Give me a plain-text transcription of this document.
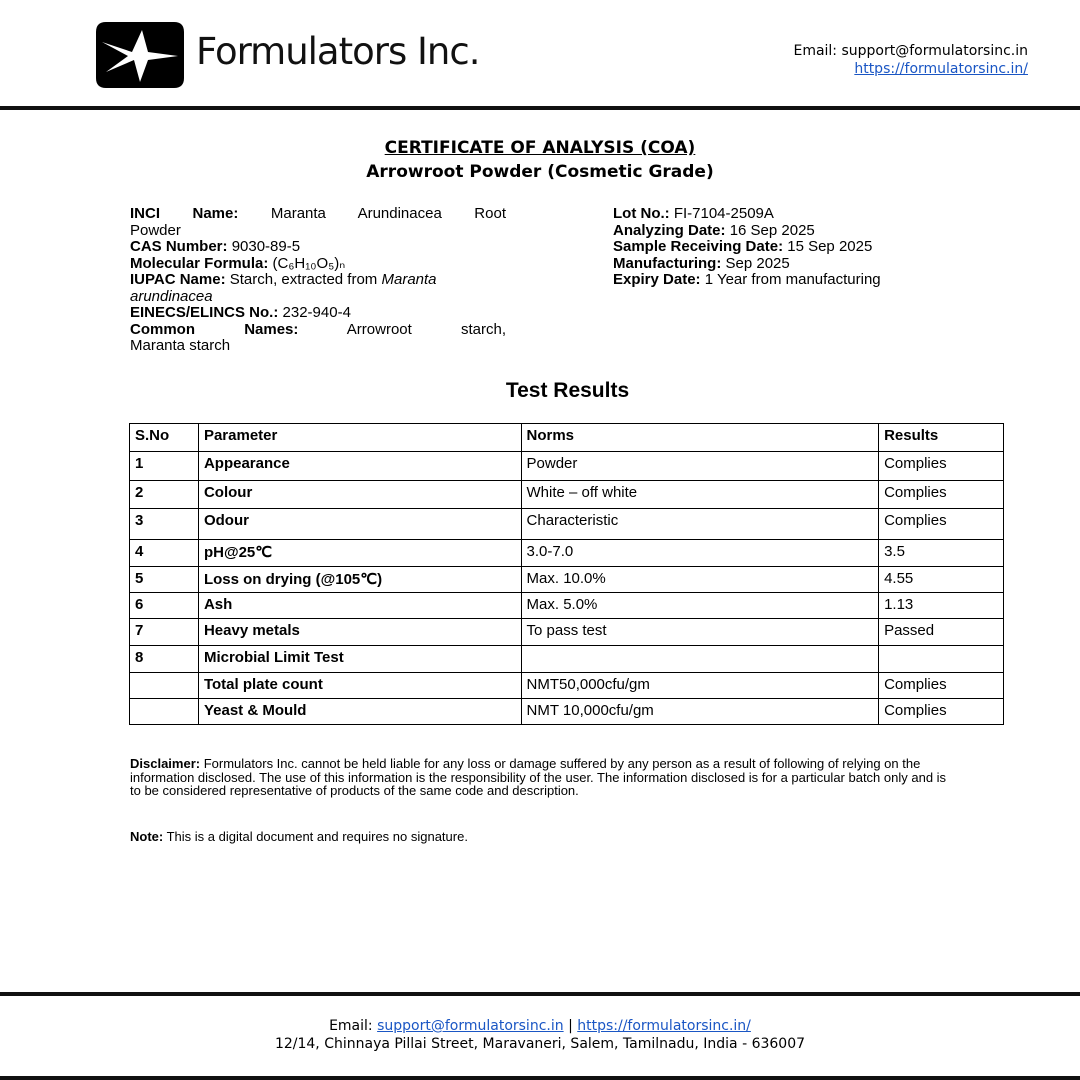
Formulators Inc.	Email: support@formulatorsinc.in
https://formulatorsinc.in/
CERTIFICATE OF ANALYSIS (COA)
Arrowroot Powder (Cosmetic Grade)
INCI Name: Maranta Arundinacea Root
Powder
CAS Number: 9030-89-5
Molecular Formula: (C₆H₁₀O₅)ₙ
IUPAC Name: Starch, extracted from Maranta
arundinacea
EINECS/ELINCS No.: 232-940-4
Common	Names:	Arrowroot	starch,
Maranta starch
Lot No.: FI-7104-2509A
Analyzing Date: 16 Sep 2025
Sample Receiving Date: 15 Sep 2025
Manufacturing: Sep 2025
Expiry Date: 1 Year from manufacturing
Test Results
S.No	Parameter	Norms	Results
1	Appearance	Powder	Complies
2	Colour	White – off white	Complies
3	Odour	Characteristic	Complies
4	pH@25℃	3.0-7.0	3.5
5	Loss on drying (@105℃)	Max. 10.0%	4.55
6	Ash	Max. 5.0%	1.13
7	Heavy metals	To pass test	Passed
8	Microbial Limit Test		
	Total plate count	NMT50,000cfu/gm	Complies
	Yeast & Mould	NMT 10,000cfu/gm	Complies
Disclaimer: Formulators Inc. cannot be held liable for any loss or damage suffered by any person as a result of following of relying on the information disclosed. The use of this information is the responsibility of the user. The information disclosed is for a particular batch only and is to be considered representative of products of the same code and description.
Note: This is a digital document and requires no signature.
Email: support@formulatorsinc.in | https://formulatorsinc.in/
12/14, Chinnaya Pillai Street, Maravaneri, Salem, Tamilnadu, India - 636007
